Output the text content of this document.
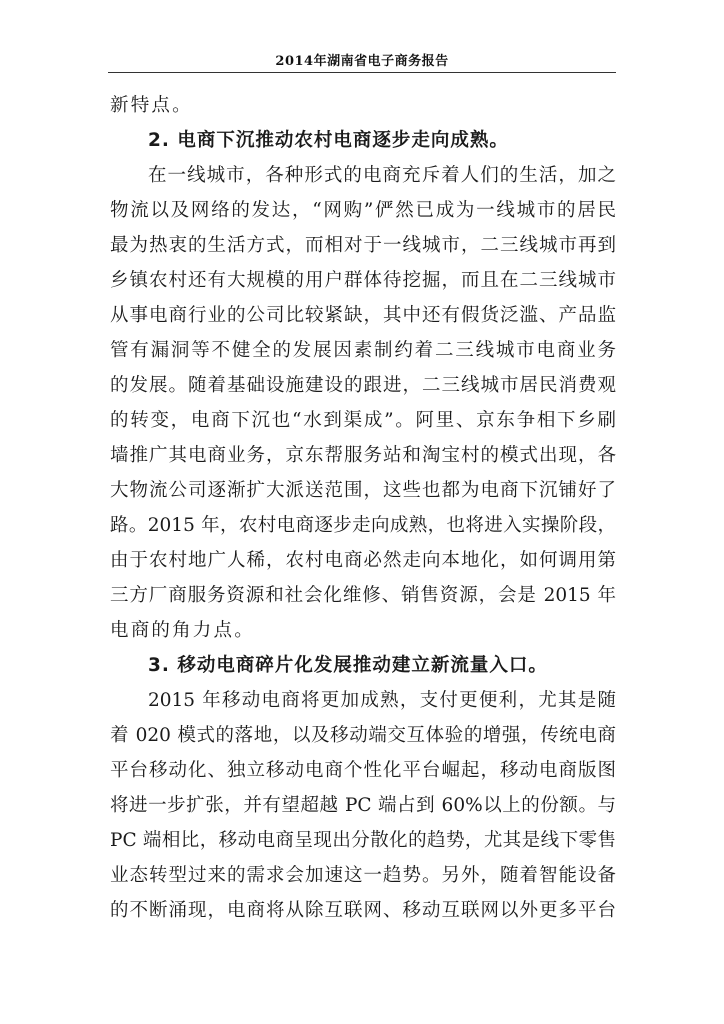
2014年湖南省电子商务报告
新特点。
2. 电商下沉推动农村电商逐步走向成熟。
在一线城市，各种形式的电商充斥着人们的生活，加之
物流以及网络的发达，“网购”俨然已成为一线城市的居民
最为热衷的生活方式，而相对于一线城市，二三线城市再到
乡镇农村还有大规模的用户群体待挖掘，而且在二三线城市
从事电商行业的公司比较紧缺，其中还有假货泛滥、产品监
管有漏洞等不健全的发展因素制约着二三线城市电商业务
的发展。随着基础设施建设的跟进，二三线城市居民消费观
的转变，电商下沉也“水到渠成”。阿里、京东争相下乡刷
墙推广其电商业务，京东帮服务站和淘宝村的模式出现，各
大物流公司逐渐扩大派送范围，这些也都为电商下沉铺好了
路。2015 年，农村电商逐步走向成熟，也将进入实操阶段，
由于农村地广人稀，农村电商必然走向本地化，如何调用第
三方厂商服务资源和社会化维修、销售资源，会是 2015 年
电商的角力点。
3. 移动电商碎片化发展推动建立新流量入口。
2015 年移动电商将更加成熟，支付更便利，尤其是随
着 020 模式的落地，以及移动端交互体验的增强，传统电商
平台移动化、独立移动电商个性化平台崛起，移动电商版图
将进一步扩张，并有望超越 PC 端占到 60%以上的份额。与
PC 端相比，移动电商呈现出分散化的趋势，尤其是线下零售
业态转型过来的需求会加速这一趋势。另外，随着智能设备
的不断涌现，电商将从除互联网、移动互联网以外更多平台
